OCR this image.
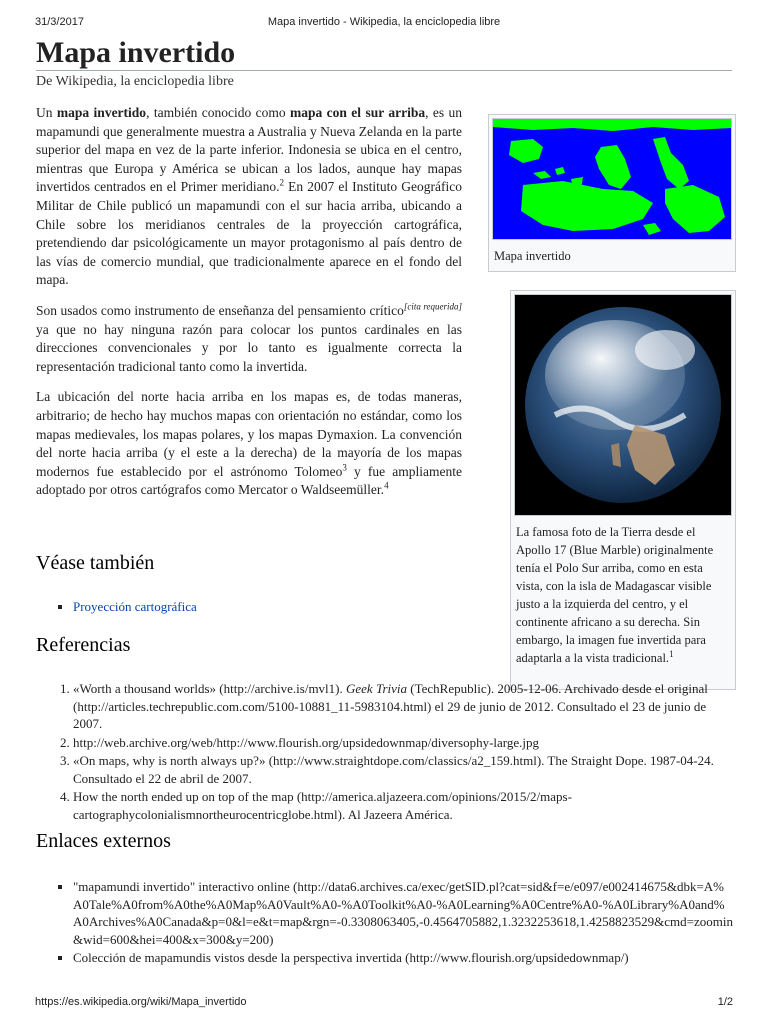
31/3/2017	Mapa invertido - Wikipedia, la enciclopedia libre
Mapa invertido
De Wikipedia, la enciclopedia libre

Un mapa invertido, también conocido como mapa con el sur arriba, es un mapamundi que generalmente muestra a Australia y Nueva Zelanda en la parte superior del mapa en vez de la parte inferior. Indonesia se ubica en el centro, mientras que Europa y América se ubican a los lados, aunque hay mapas invertidos centrados en el Primer meridiano.$^2$ En 2007 el Instituto Geográfico Militar de Chile publicó un mapamundi con el sur hacia arriba, ubicando a Chile sobre los meridianos centrales de la proyección cartográfica, pretendiendo dar psicológicamente un mayor protagonismo al país dentro de las vías de comercio mundial, que tradicionalmente aparece en el fondo del mapa.

Son usados como instrumento de enseñanza del pensamiento crítico[cita requerida] ya que no hay ninguna razón para colocar los puntos cardinales en las direcciones convencionales y por lo tanto es igualmente correcta la representación tradicional tanto como la invertida.

La ubicación del norte hacia arriba en los mapas es, de todas maneras, arbitrario; de hecho hay muchos mapas con orientación no estándar, como los mapas medievales, los mapas polares, y los mapas Dymaxion. La convención del norte hacia arriba (y el este a la derecha) de la mayoría de los mapas modernos fue establecido por el astrónomo Tolomeo$^3$ y fue ampliamente adoptado por otros cartógrafos como Mercator o Waldseemüller.$^4$

Mapa invertido
La famosa foto de la Tierra desde el Apollo 17 (Blue Marble) originalmente tenía el Polo Sur arriba, como en esta vista, con la isla de Madagascar visible justo a la izquierda del centro, y el continente africano a su derecha. Sin embargo, la imagen fue invertida para adaptarla a la vista tradicional.$^1$
Véase también
▪ Proyección cartográfica
Referencias
1. «Worth a thousand worlds» (http://archive.is/mvl1). Geek Trivia (TechRepublic). 2005-12-06. Archivado desde el original (http://articles.techrepublic.com.com/5100-10881_11-5983104.html) el 29 de junio de 2012. Consultado el 23 de junio de 2007.
2. http://web.archive.org/web/http://www.flourish.org/upsidedownmap/diversophy-large.jpg
3. «On maps, why is north always up?» (http://www.straightdope.com/classics/a2_159.html). The Straight Dope. 1987-04-24. Consultado el 22 de abril de 2007.
4. How the north ended up on top of the map (http://america.aljazeera.com/opinions/2015/2/maps-cartographycolonialismnortheurocentricglobe.html). Al Jazeera América.
Enlaces externos
▪ "mapamundi invertido" interactivo online (http://data6.archives.ca/exec/getSID.pl?cat=sid&f=e/e097/e002414675&dbk=A%A0Tale%A0from%A0the%A0Map%A0Vault%A0-%A0Toolkit%A0-%A0Learning%A0Centre%A0-%A0Library%A0and%A0Archives%A0Canada&p=0&l=e&t=map&rgn=-0.3308063405,-0.4564705882,1.3232253618,1.4258823529&cmd=zoomin&wid=600&hei=400&x=300&y=200)
▪ Colección de mapamundis vistos desde la perspectiva invertida (http://www.flourish.org/upsidedownmap/)
https://es.wikipedia.org/wiki/Mapa_invertido	1/2
